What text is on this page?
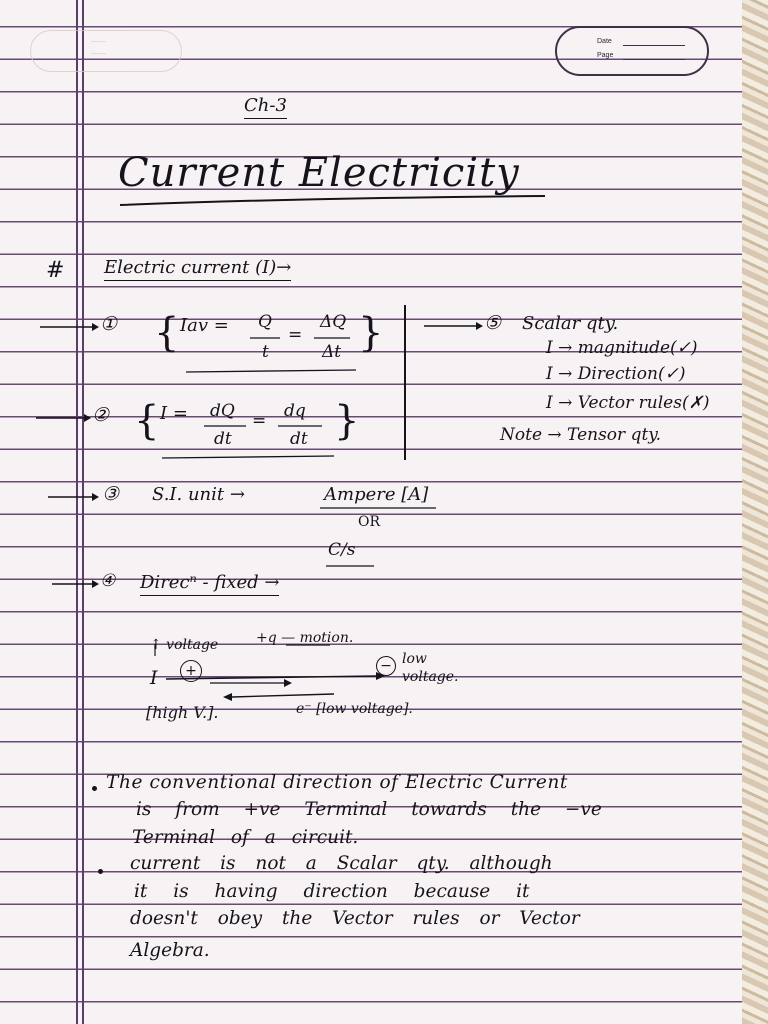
───
───
Date
Page

Ch-3

Current Electricity

# Electric current (I)→

① { Iav = Q

t

=

ΔQ

Δt }

② { I = dQ

dt

= dq

dt }

⑤ Scalar qty.

I → magnitude(✓)

I → Direction(✓)

I → Vector rules(✗)

Note → Tensor qty.

③ S.I. unit →	Ampere [A]

OR

C/s

④ Direcⁿ - fixed →

↑ voltage	+q — motion.

+	−

I

low voltage.

[high V.].	e⁻ [low voltage].

The conventional direction of Electric Current

is from +ve Terminal towards the −ve

Terminal of a circuit.

current is not a Scalar qty. although

it is having direction because it

doesn't obey the Vector rules or Vector

Algebra.
